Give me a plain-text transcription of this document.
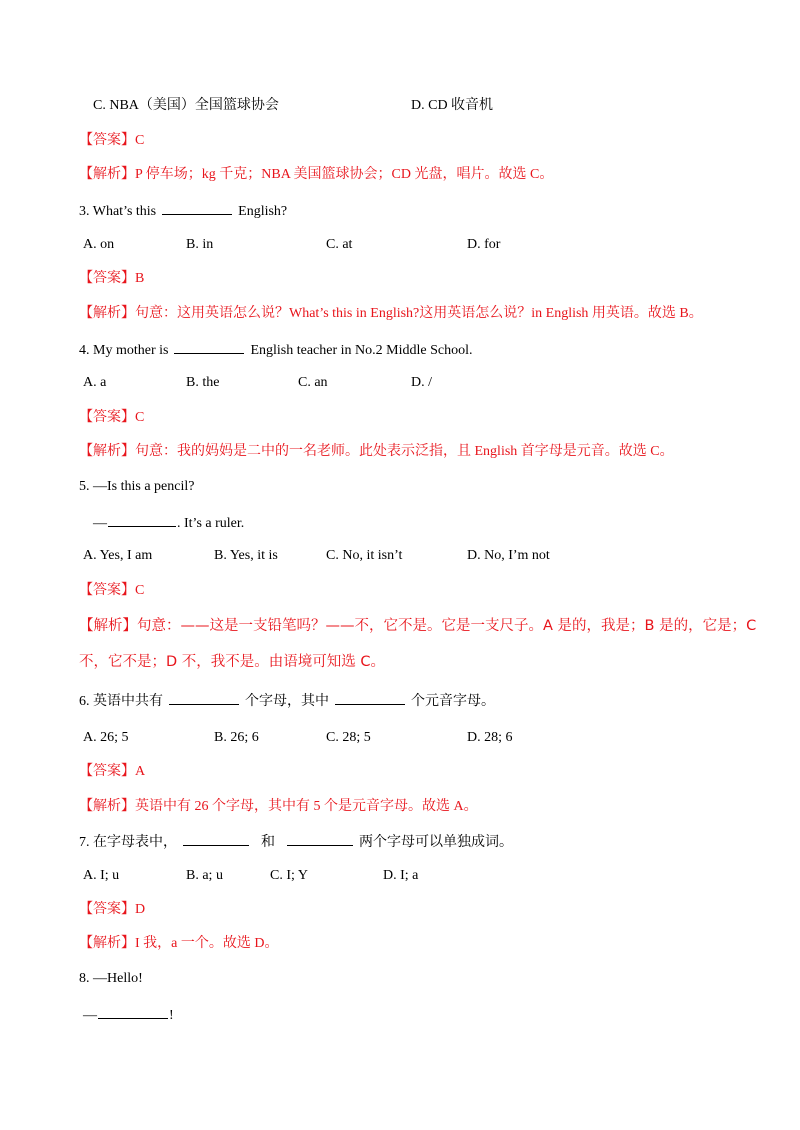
C. NBA（美国）全国篮球协会	D. CD 收音机
【答案】C
【解析】P 停车场；kg 千克；NBA 美国篮球协会；CD 光盘，唱片。故选 C。
3. What’s this	English?
A. on	B. in	C. at	D. for
【答案】B
【解析】句意：这用英语怎么说？What’s this in English?这用英语怎么说？in English 用英语。故选 B。
4. My mother is	English teacher in No.2 Middle School.
A. a	B. the	C. an	D. /
【答案】C
【解析】句意：我的妈妈是二中的一名老师。此处表示泛指，且 English 首字母是元音。故选 C。
5. —Is this a pencil?
—	. It’s a ruler.
A. Yes, I am	B. Yes, it is	C. No, it isn’t	D. No, I’m not
【答案】C
【解析】句意：——这是一支铅笔吗？——不，它不是。它是一支尺子。A 是的，我是；B 是的，它是；C
不，它不是；D 不，我不是。由语境可知选 C。
6. 英语中共有	个字母，其中	个元音字母。
A. 26; 5	B. 26; 6	C. 28; 5	D. 28; 6
【答案】A
【解析】英语中有 26 个字母，其中有 5 个是元音字母。故选 A。
7. 在字母表中，	和	两个字母可以单独成词。
A. I; u	B. a; u	C. I; Y	D. I; a
【答案】D
【解析】I 我，a 一个。故选 D。
8. —Hello!
—	!
